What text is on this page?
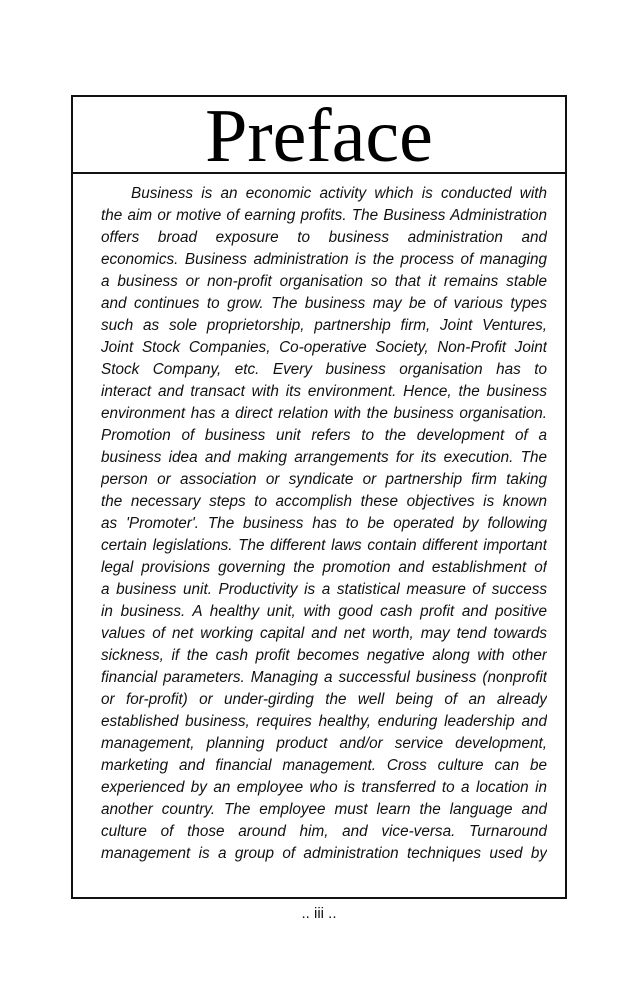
Preface
Business is an economic activity which is conducted with
the aim or motive of earning profits. The Business Administration
offers broad exposure to business administration and
economics. Business administration is the process of managing
a business or non-profit organisation so that it remains stable
and continues to grow. The business may be of various types
such as sole proprietorship, partnership firm, Joint Ventures,
Joint Stock Companies, Co-operative Society, Non-Profit Joint
Stock Company, etc. Every business organisation has to
interact and transact with its environment. Hence, the business
environment has a direct relation with the business organisation.
Promotion of business unit refers to the development of a
business idea and making arrangements for its execution. The
person or association or syndicate or partnership firm taking
the necessary steps to accomplish these objectives is known
as 'Promoter'. The business has to be operated by following
certain legislations. The different laws contain different important
legal provisions governing the promotion and establishment of
a business unit. Productivity is a statistical measure of success
in business. A healthy unit, with good cash profit and positive
values of net working capital and net worth, may tend towards
sickness, if the cash profit becomes negative along with other
financial parameters. Managing a successful business (nonprofit
or for-profit) or under-girding the well being of an already
established business, requires healthy, enduring leadership and
management, planning product and/or service development,
marketing and financial management. Cross culture can be
experienced by an employee who is transferred to a location in
another country. The employee must learn the language and
culture of those around him, and vice-versa. Turnaround
management is a group of administration techniques used by
.. iii ..
